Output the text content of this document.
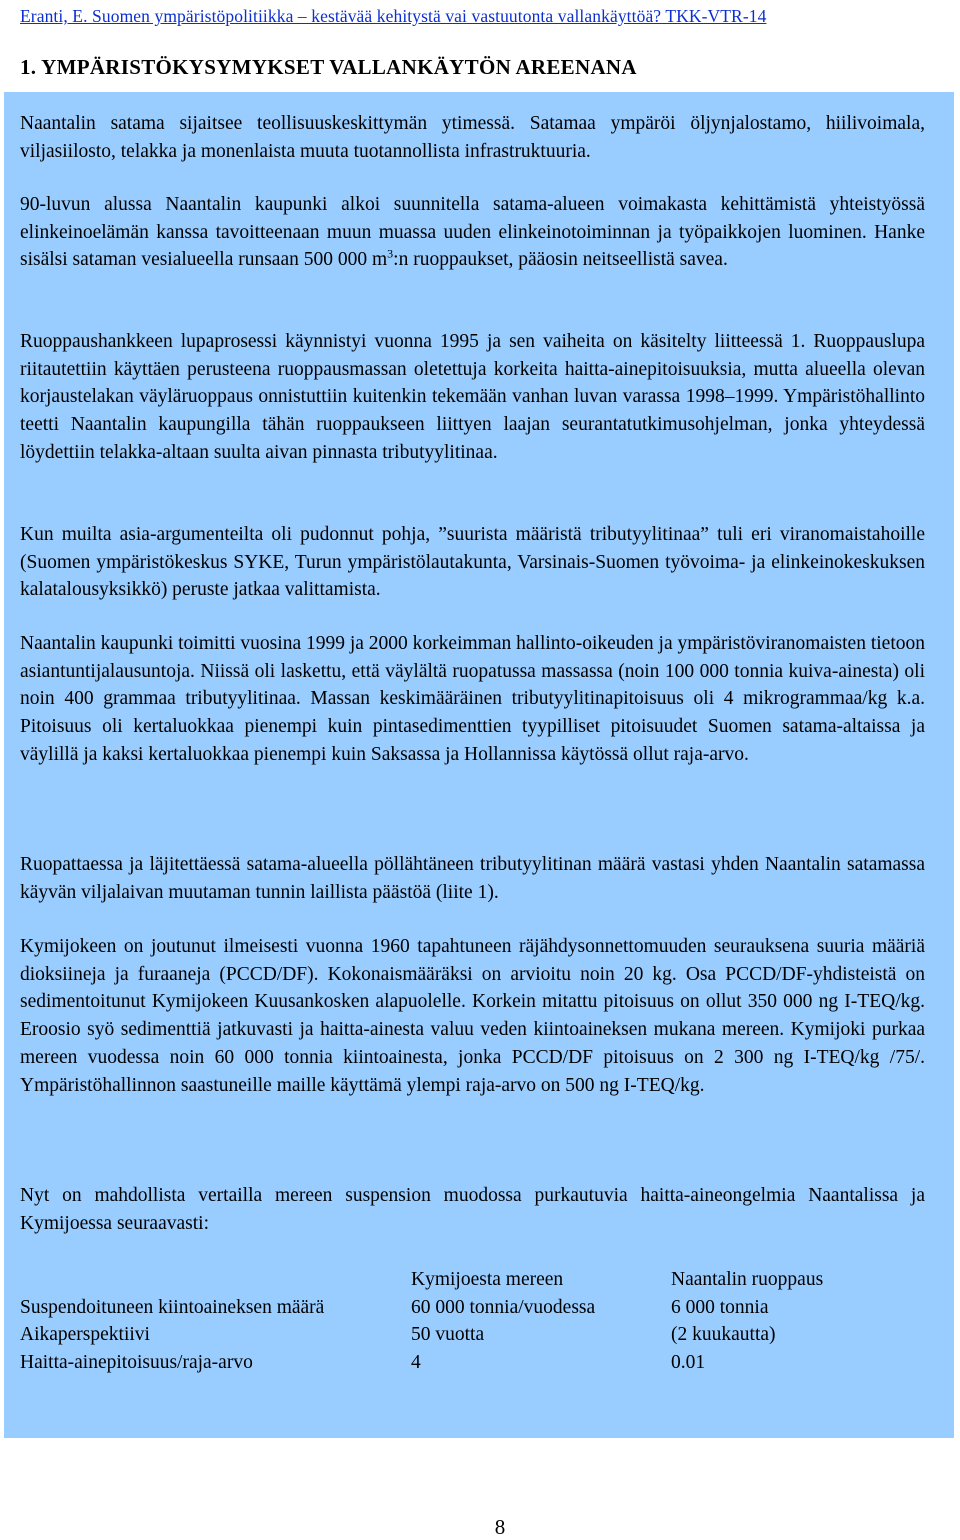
Eranti, E. Suomen ympäristöpolitiikka – kestävää kehitystä vai vastuutonta vallankäyttöä? TKK-VTR-14
1. YMPÄRISTÖKYSYMYKSET VALLANKÄYTÖN AREENANA

Naantalin satama sijaitsee teollisuuskeskittymän ytimessä. Satamaa ympäröi öljynjalostamo, hiilivoimala, viljasiilosto, telakka ja monenlaista muuta tuotannollista infrastruktuuria.

90-luvun alussa Naantalin kaupunki alkoi suunnitella satama-alueen voimakasta kehittämistä yhteistyössä elinkeinoelämän kanssa tavoitteenaan muun muassa uuden elinkeinotoiminnan ja työpaikkojen luominen. Hanke sisälsi sataman vesialueella runsaan 500 000 $m^3:n$ ruoppaukset, pääosin neitseellistä savea.

Ruoppaushankkeen lupaprosessi käynnistyi vuonna 1995 ja sen vaiheita on käsitelty liitteessä 1. Ruoppauslupa riitautettiin käyttäen perusteena ruoppausmassan oletettuja korkeita haitta-ainepitoisuuksia, mutta alueella olevan korjaustelakan väyläruoppaus onnistuttiin kuitenkin tekemään vanhan luvan varassa 1998–1999. Ympäristöhallinto teetti Naantalin kaupungilla tähän ruoppaukseen liittyen laajan seurantatutkimusohjelman, jonka yhteydessä löydettiin telakka-altaan suulta aivan pinnasta tributyylitinaa.

Kun muilta asia-argumenteilta oli pudonnut pohja, ”suurista määristä tributyylitinaa” tuli eri viranomaistahoille (Suomen ympäristökeskus SYKE, Turun ympäristölautakunta, Varsinais-Suomen työvoima- ja elinkeinokeskuksen kalatalousyksikkö) peruste jatkaa valittamista.

Naantalin kaupunki toimitti vuosina 1999 ja 2000 korkeimman hallinto-oikeuden ja ympäristöviranomaisten tietoon asiantuntijalausuntoja. Niissä oli laskettu, että väylältä ruopatussa massassa (noin 100 000 tonnia kuiva-ainesta) oli noin 400 grammaa tributyylitinaa. Massan keskimääräinen tributyylitinapitoisuus oli 4 mikrogrammaa/kg k.a. Pitoisuus oli kertaluokkaa pienempi kuin pintasedimenttien tyypilliset pitoisuudet Suomen satama-altaissa ja väylillä ja kaksi kertaluokkaa pienempi kuin Saksassa ja Hollannissa käytössä ollut raja-arvo.

Ruopattaessa ja läjitettäessä satama-alueella pöllähtäneen tributyylitinan määrä vastasi yhden Naantalin satamassa käyvän viljalaivan muutaman tunnin laillista päästöä (liite 1).

Kymijokeen on joutunut ilmeisesti vuonna 1960 tapahtuneen räjähdysonnettomuuden seurauksena suuria määriä dioksiineja ja furaaneja (PCCD/DF). Kokonaismääräksi on arvioitu noin 20 kg. Osa PCCD/DF-yhdisteistä on sedimentoitunut Kymijokeen Kuusankosken alapuolelle. Korkein mitattu pitoisuus on ollut 350 000 ng I-TEQ/kg. Eroosio syö sedimenttiä jatkuvasti ja haitta-ainesta valuu veden kiintoaineksen mukana mereen. Kymijoki purkaa mereen vuodessa noin 60 000 tonnia kiintoainesta, jonka PCCD/DF pitoisuus on 2 300 ng I-TEQ/kg /75/. Ympäristöhallinnon saastuneille maille käyttämä ylempi raja-arvo on 500 ng I-TEQ/kg.

Nyt on mahdollista vertailla mereen suspension muodossa purkautuvia haitta-aineongelmia Naantalissa ja Kymijoessa seuraavasti:

	Kymijoesta mereen	Naantalin ruoppaus
Suspendoituneen kiintoaineksen määrä	60 000 tonnia/vuodessa	6 000 tonnia
Aikaperspektiivi	50 vuotta	(2 kuukautta)
Haitta-ainepitoisuus/raja-arvo	4	0.01
8
